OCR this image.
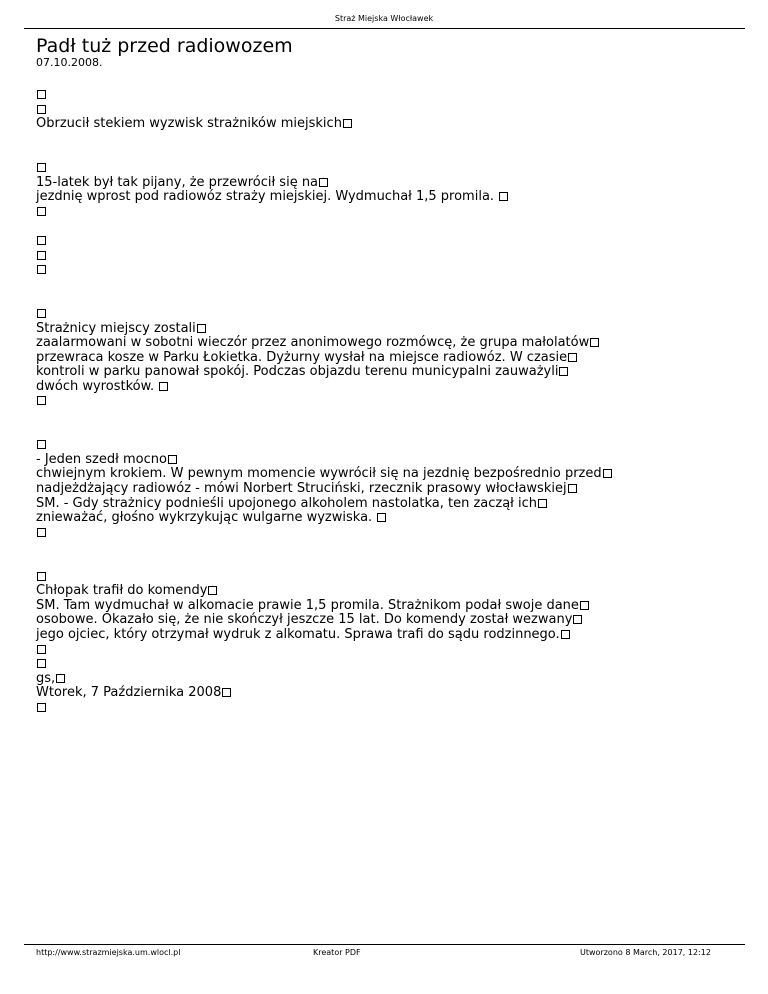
Straż Miejska Włocławek
Padł tuż przed radiowozem
07.10.2008.
Obrzucił stekiem wyzwisk strażników miejskich
15-latek był tak pijany, że przewrócił się na
jezdnię wprost pod radiowóz straży miejskiej. Wydmuchał 1,5 promila.
Strażnicy miejscy zostali
zaalarmowani w sobotni wieczór przez anonimowego rozmówcę, że grupa małolatów
przewraca kosze w Parku Łokietka. Dyżurny wysłał na miejsce radiowóz. W czasie
kontroli w parku panował spokój. Podczas objazdu terenu municypalni zauważyli
dwóch wyrostków.
- Jeden szedł mocno
chwiejnym krokiem. W pewnym momencie wywrócił się na jezdnię bezpośrednio przed
nadjeżdżający radiowóz - mówi Norbert Struciński, rzecznik prasowy włocławskiej
SM. - Gdy strażnicy podnieśli upojonego alkoholem nastolatka, ten zaczął ich
znieważać, głośno wykrzykując wulgarne wyzwiska.
Chłopak trafił do komendy
SM. Tam wydmuchał w alkomacie prawie 1,5 promila. Strażnikom podał swoje dane
osobowe. Okazało się, że nie skończył jeszcze 15 lat. Do komendy został wezwany
jego ojciec, który otrzymał wydruk z alkomatu. Sprawa trafi do sądu rodzinnego.
gs,
Wtorek, 7 Października 2008
http://www.strazmiejska.um.wlocl.pl	Kreator PDF	Utworzono 8 March, 2017, 12:12
